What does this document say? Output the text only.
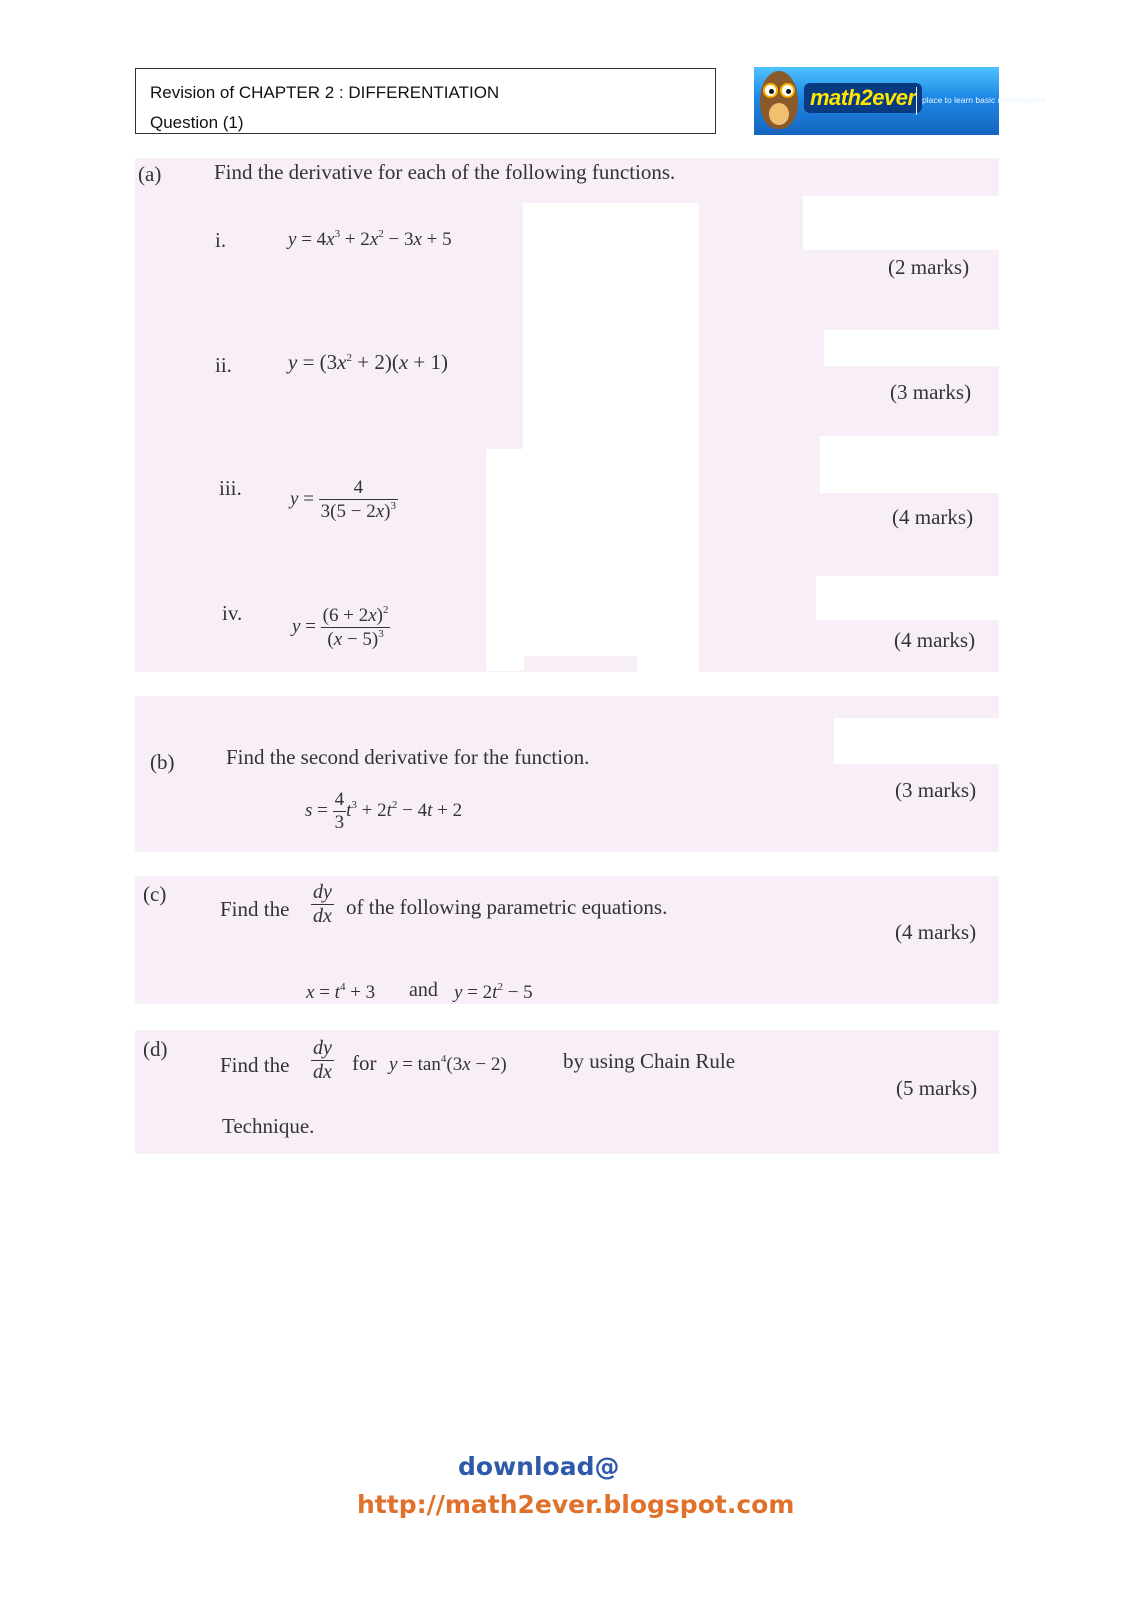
Revision of CHAPTER 2 : DIFFERENTIATION
Question (1)
math2ever place to learn basic mathematics
(a)	Find the derivative for each of the following functions.
i.	$y = 4x^3 + 2x^2 - 3x + 5$
(2 marks)
ii.	$y = (3x^2 + 2)(x + 1)$
(3 marks)
iii.	$y = \frac{4}{3(5 - 2x)^3}$	(4 marks)
iv.
$y = \frac{(6 + 2x)^2}{(x - 5)^3}$	(4 marks)
(b) Find the second derivative for the function.
$s = \frac{4}{3} t^3 + 2t^2 - 4t + 2$
(3 marks)
(c)
Find the $\frac{dy}{dx}$ of the following parametric equations.
(4 marks)
$x = t^4 + 3$ and $y = 2t^2 - 5$
(d)
Find the $\frac{dy}{dx}$ for $y = \tan^4(3x - 2)$	by using Chain Rule
Technique.
(5 marks)
download@
http://math2ever.blogspot.com
